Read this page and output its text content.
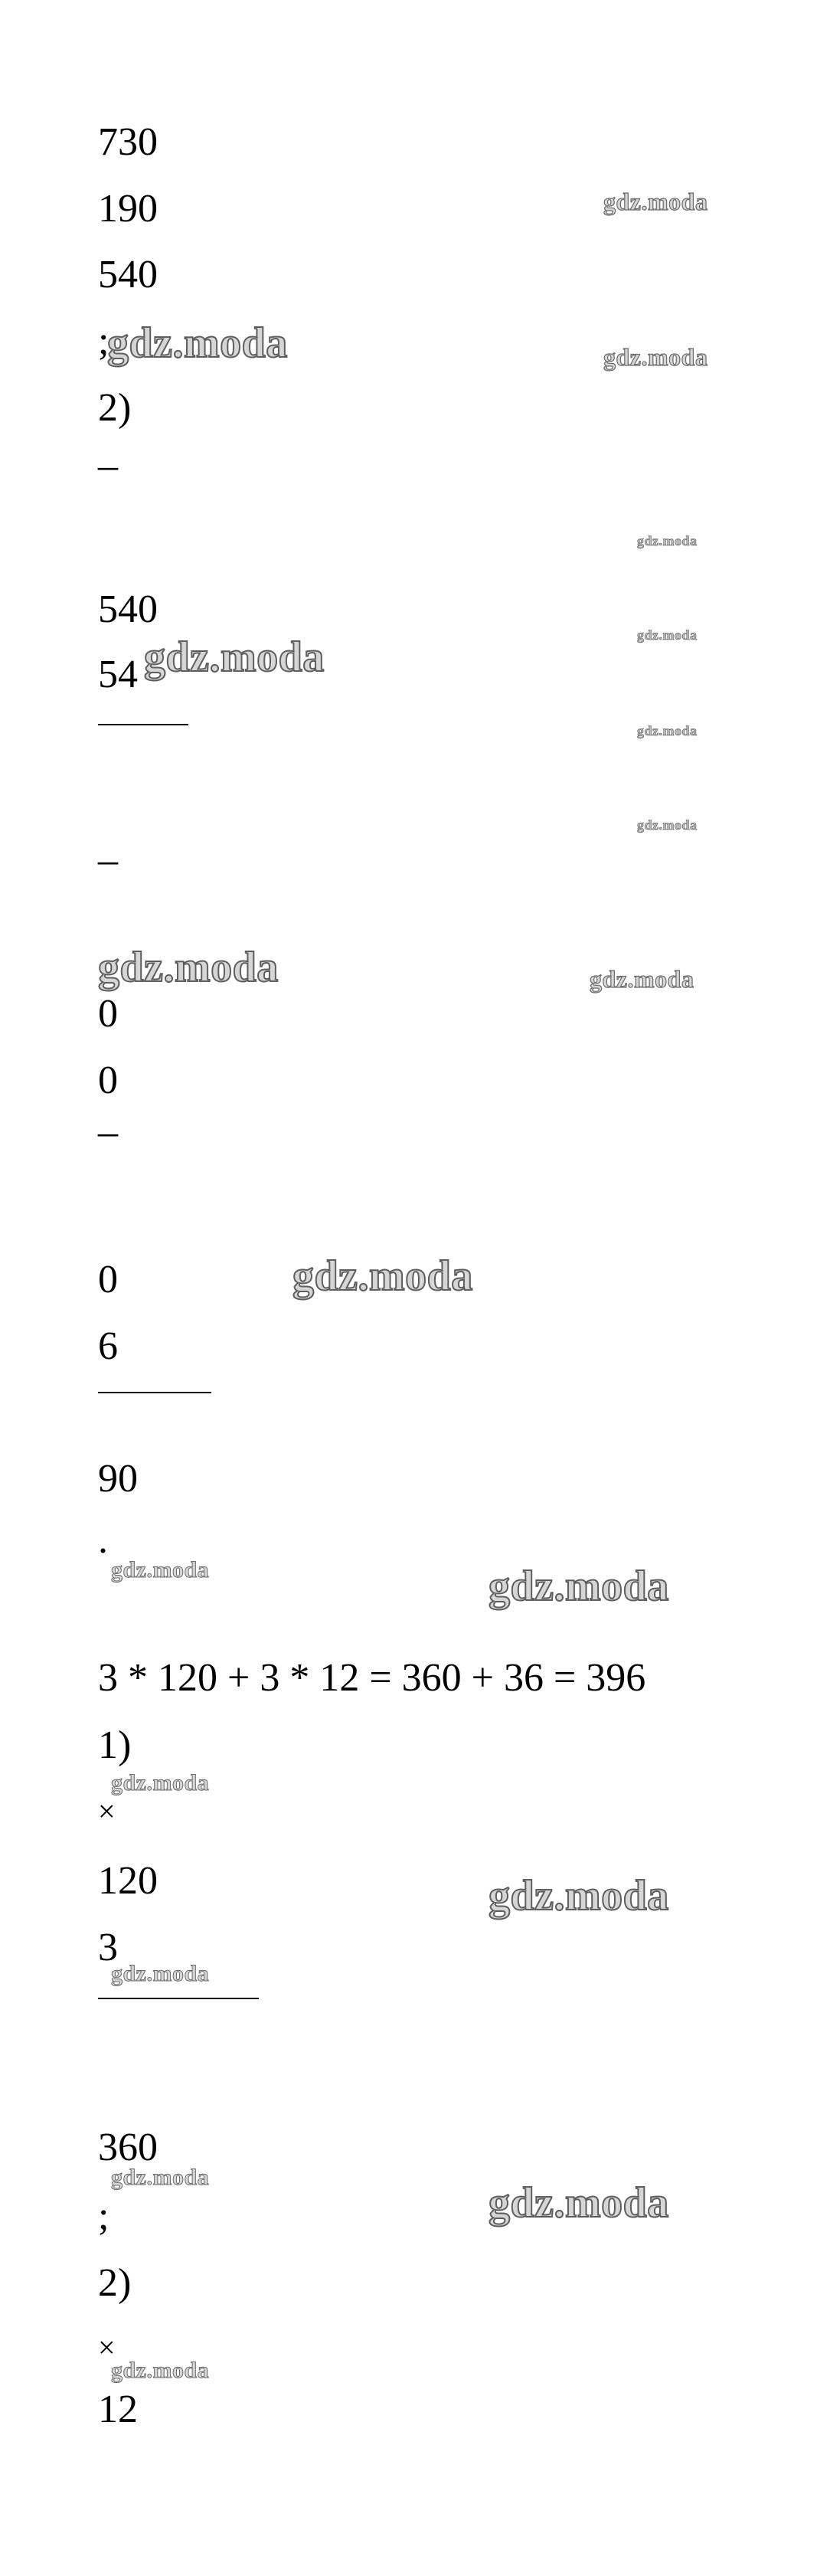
730
190
540
;
2)
_
540
54
_
0
0
_
0
6
90
.
3 * 120 + 3 * 12 = 360 + 36 = 396
1)
×
120
3
360
;
2)
×
12
gdz.moda
gdz.moda	gdz.moda
gdz.moda
gdz.moda
gdz.moda
gdz.moda
gdz.moda
gdz.moda	gdz.moda
gdz.moda
gdz.moda	gdz.moda
gdz.moda
gdz.moda
gdz.moda
gdz.moda
gdz.moda
gdz.moda
